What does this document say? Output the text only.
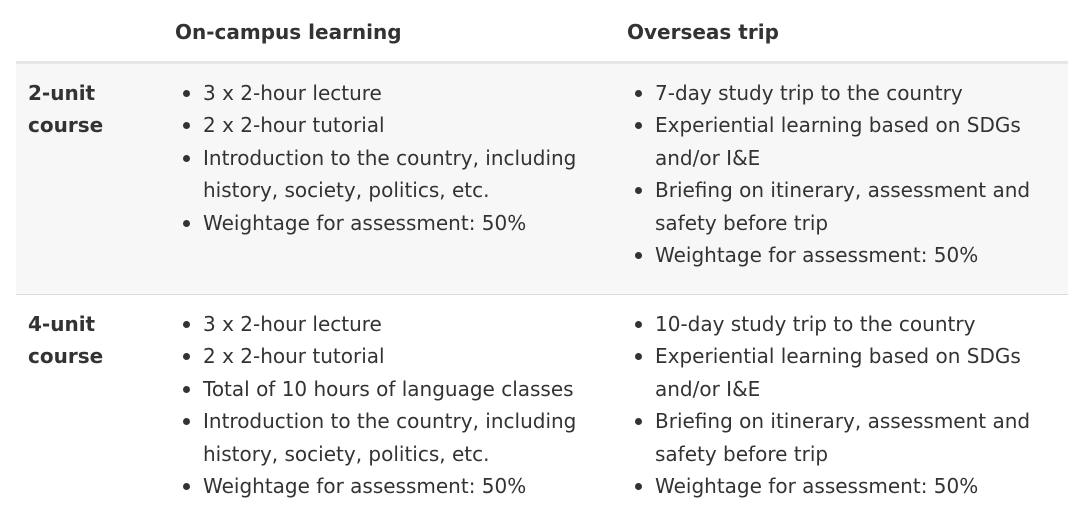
On-campus learning	Overseas trip
2-unit course
3 x 2-hour lecture
2 x 2-hour tutorial
Introduction to the country, including history, society, politics, etc.
Weightage for assessment: 50%
7-day study trip to the country
Experiential learning based on SDGs and/or I&E
Briefing on itinerary, assessment and safety before trip
Weightage for assessment: 50%
4-unit course
3 x 2-hour lecture
2 x 2-hour tutorial
Total of 10 hours of language classes
Introduction to the country, including history, society, politics, etc.
Weightage for assessment: 50%
10-day study trip to the country
Experiential learning based on SDGs and/or I&E
Briefing on itinerary, assessment and safety before trip
Weightage for assessment: 50%
